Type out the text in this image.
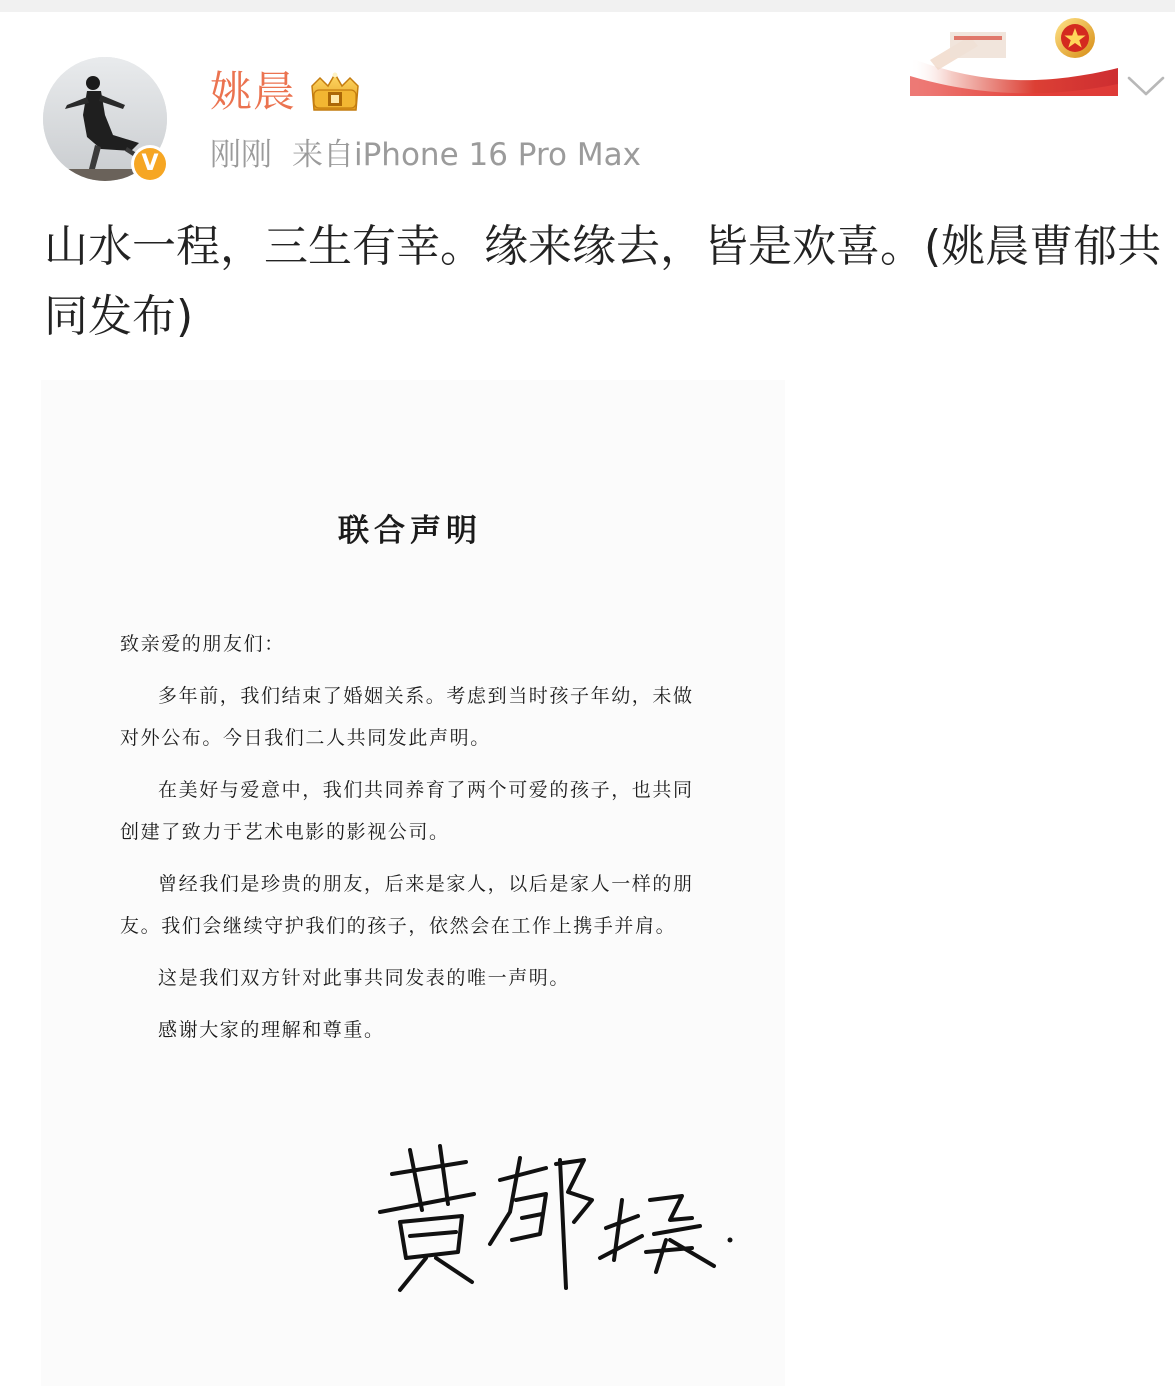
V
姚晨
刚刚 来自iPhone 16 Pro Max
山水一程，三生有幸。缘来缘去，皆是欢喜。(姚晨曹郁共同发布)
联合声明

致亲爱的朋友们：

多年前，我们结束了婚姻关系。考虑到当时孩子年幼，未做对外公布。今日我们二人共同发此声明。

在美好与爱意中，我们共同养育了两个可爱的孩子，也共同创建了致力于艺术电影的影视公司。

曾经我们是珍贵的朋友，后来是家人，以后是家人一样的朋友。我们会继续守护我们的孩子，依然会在工作上携手并肩。

这是我们双方针对此事共同发表的唯一声明。

感谢大家的理解和尊重。
